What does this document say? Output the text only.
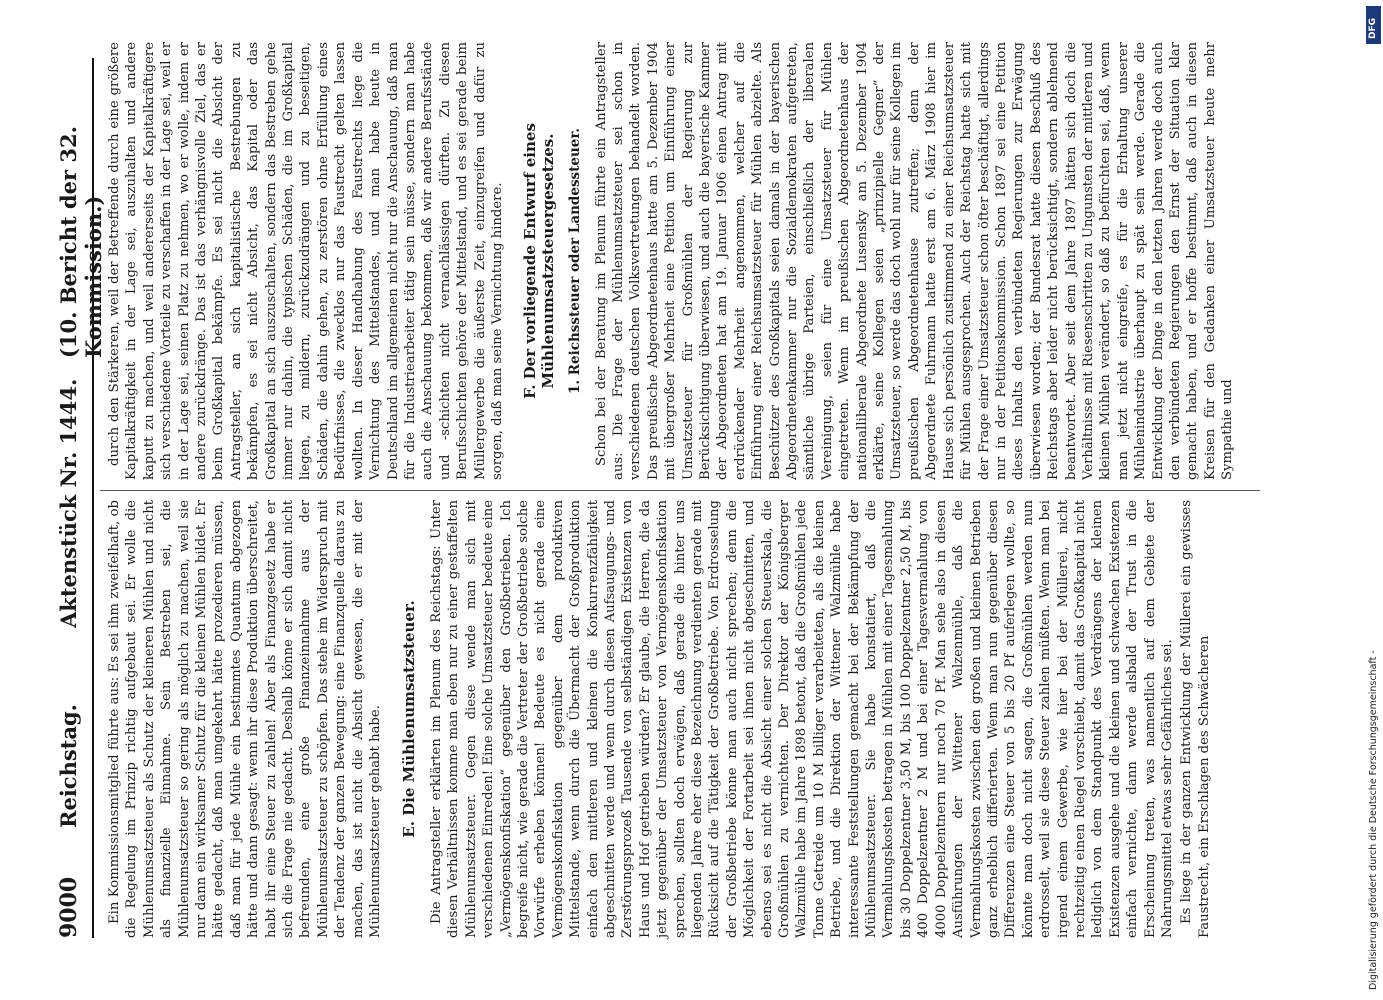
9000
Reichstag.
Aktenstück Nr. 1444.
(10. Bericht der 32. Kommission.)

Ein Kommissionsmitglied führte aus: Es sei ihm zweifelhaft, ob die Regelung im Prinzip richtig aufgebaut sei. Er wolle die Mühlenumsatzsteuer als Schutz der kleineren Mühlen und nicht als finanzielle Einnahme. Sein Bestreben sei, die Mühlenumsatzsteuer so gering als möglich zu machen, weil sie nur dann ein wirksamer Schutz für die kleinen Mühlen bildet. Er hätte gedacht, daß man umgekehrt hätte prozedieren müssen, daß man für jede Mühle ein bestimmtes Quantum abgezogen hätte und dann gesagt: wenn ihr diese Produktion überschreitet, habt ihr eine Steuer zu zahlen! Aber als Finanzgesetz habe er sich die Frage nie gedacht. Deshalb könne er sich damit nicht befreunden, eine große Finanzeinnahme aus der Mühlenumsatzsteuer zu schöpfen. Das stehe im Widerspruch mit der Tendenz der ganzen Bewegung: eine Finanzquelle daraus zu machen, das ist nicht die Absicht gewesen, die er mit der Mühlenumsatzsteuer gehabt habe. E. Die Mühlenumsatzsteuer. Die Antragsteller erklärten im Plenum des Reichstags: Unter diesen Verhältnissen komme man eben nur zu einer gestaffelten Mühlenumsatzsteuer. Gegen diese wende man sich mit verschiedenen Einreden! Eine solche Umsatzsteuer bedeute eine „Vermögenskonfiskation“ gegenüber den Großbetrieben. Ich begreife nicht, wie gerade die Vertreter der Großbetriebe solche Vorwürfe erheben können! Bedeute es nicht gerade eine Vermögenskonfiskation gegenüber dem produktiven Mittelstande, wenn durch die Übermacht der Großproduktion einfach den mittleren und kleinen die Konkurrenzfähigkeit abgeschnitten werde und wenn durch diesen Aufsaugungs- und Zerstörungsprozeß Tausende von selbständigen Existenzen von Haus und Hof getrieben würden? Er glaube, die Herren, die da jetzt gegenüber der Umsatzsteuer von Vermögenskonfiskation sprechen, sollten doch erwägen, daß gerade die hinter uns liegenden Jahre eher diese Bezeichnung verdienten gerade mit Rücksicht auf die Tätigkeit der Großbetriebe. Von Erdrosselung der Großbetriebe könne man auch nicht sprechen; denn die Möglichkeit der Fortarbeit sei ihnen nicht abgeschnitten, und ebenso sei es nicht die Absicht einer solchen Steuerskala, die Großmühlen zu vernichten. Der Direktor der Königsberger Walzmühle habe im Jahre 1898 betont, daß die Großmühlen jede Tonne Getreide um 10 M billiger verarbeiteten, als die kleinen Betriebe, und die Direktion der Wittener Walzmühle habe interessante Feststellungen gemacht bei der Bekämpfung der Mühlenumsatzsteuer. Sie habe konstatiert, daß die Vermahlungskosten betragen in Mühlen mit einer Tagesmahlung bis 30 Doppelzentner 3,50 M, bis 100 Doppelzentner 2,50 M, bis 400 Doppelzentner 2 M und bei einer Tagesvermahlung von 4000 Doppelzentnern nur noch 70 Pf. Man sehe also in diesen Ausführungen der Wittener Walzenmühle, daß die Vermahlungskosten zwischen den großen und kleinen Betrieben ganz erheblich differierten. Wenn man nun gegenüber diesen Differenzen eine Steuer von 5 bis 20 Pf auferlegen wollte, so könnte man doch nicht sagen, die Großmühlen werden nun erdrosselt, weil sie diese Steuer zahlen müßten. Wenn man bei irgend einem Gewerbe, wie hier bei der Müllerei, nicht rechtzeitig einen Riegel vorschiebt, damit das Großkapital nicht lediglich von dem Standpunkt des Verdrängens der kleinen Existenzen ausgehe und die kleinen und schwachen Existenzen einfach vernichte, dann werde alsbald der Trust in die Erscheinung treten, was namentlich auf dem Gebiete der Nahrungsmittel etwas sehr Gefährliches sei. Es liege in der ganzen Entwicklung der Müllerei ein gewisses Faustrecht, ein Erschlagen des Schwächeren

durch den Stärkeren, weil der Betreffende durch eine größere Kapitalkräftigkeit in der Lage sei, auszuhalten und andere kaputt zu machen, und weil andererseits der Kapitalkräftigere sich verschiedene Vorteile zu verschaffen in der Lage sei, weil er in der Lage sei, seinen Platz zu nehmen, wo er wolle, indem er andere zurückdränge. Das ist das verhängnisvolle Ziel, das er beim Großkapital bekämpfe. Es sei nicht die Absicht der Antragsteller, an sich kapitalistische Bestrebungen zu bekämpfen, es sei nicht Absicht, das Kapital oder das Großkapital an sich auszuschalten, sondern das Bestreben gehe immer nur dahin, die typischen Schäden, die im Großkapital liegen, zu mildern, zurückzudrängen und zu beseitigen, Schäden, die dahin gehen, zu zerstören ohne Erfüllung eines Bedürfnisses, die zwecklos nur das Faustrecht gelten lassen wollten. In dieser Handhabung des Faustrechts liege die Vernichtung des Mittelstandes, und man habe heute in Deutschland im allgemeinen nicht nur die Anschauung, daß man für die Industriearbeiter tätig sein müsse, sondern man habe auch die Anschauung bekommen, daß wir andere Berufsstände und -schichten nicht vernachlässigen dürften. Zu diesen Berufsschichten gehöre der Mittelstand, und es sei gerade beim Müllergewerbe die äußerste Zeit, einzugreifen und dafür zu sorgen, daß man seine Vernichtung hindere. F. Der vorliegende Entwurf eines Mühlenumsatzsteuergesetzes. 1. Reichssteuer oder Landessteuer. Schon bei der Beratung im Plenum führte ein Antragsteller aus: Die Frage der Mühlenumsatzsteuer sei schon in verschiedenen deutschen Volksvertretungen behandelt worden. Das preußische Abgeordnetenhaus hatte am 5. Dezember 1904 mit übergroßer Mehrheit eine Petition um Einführung einer Umsatzsteuer für Großmühlen der Regierung zur Berücksichtigung überwiesen, und auch die bayerische Kammer der Abgeordneten hat am 19. Januar 1906 einen Antrag mit erdrückender Mehrheit angenommen, welcher auf die Einführung einer Reichsumsatzsteuer für Mühlen abzielte. Als Beschützer des Großkapitals seien damals in der bayerischen Abgeordnetenkammer nur die Sozialdemokraten aufgetreten, sämtliche übrige Parteien, einschließlich der liberalen Vereinigung, seien für eine Umsatzsteuer für Mühlen eingetreten. Wenn im preußischen Abgeordnetenhaus der nationalliberale Abgeordnete Lusensky am 5. Dezember 1904 erklärte, seine Kollegen seien „prinzipielle Gegner“ der Umsatzsteuer, so werde das doch wohl nur für seine Kollegen im preußischen Abgeordnetenhause zutreffen; denn der Abgeordnete Fuhrmann hatte erst am 6. März 1908 hier im Hause sich persönlich zustimmend zu einer Reichsumsatzsteuer für Mühlen ausgesprochen. Auch der Reichstag hatte sich mit der Frage einer Umsatzsteuer schon öfter beschäftigt, allerdings nur in der Petitionskommission. Schon 1897 sei eine Petition dieses Inhalts den verbündeten Regierungen zur Erwägung überwiesen worden; der Bundesrat hatte diesen Beschluß des Reichstags aber leider nicht berücksichtigt, sondern ablehnend beantwortet. Aber seit dem Jahre 1897 hätten sich doch die Verhältnisse mit Riesenschritten zu Ungunsten der mittleren und kleinen Mühlen verändert, so daß zu befürchten sei, daß, wenn man jetzt nicht eingreife, es für die Erhaltung unserer Mühlenindustrie überhaupt zu spät sein werde. Gerade die Entwicklung der Dinge in den letzten Jahren werde doch auch den verbündeten Regierungen den Ernst der Situation klar gemacht haben, und er hoffe bestimmt, daß auch in diesen Kreisen für den Gedanken einer Umsatzsteuer heute mehr Sympathie und

DFG
Digitalisierung gefördert durch die Deutsche Forschungsgemeinschaft -
